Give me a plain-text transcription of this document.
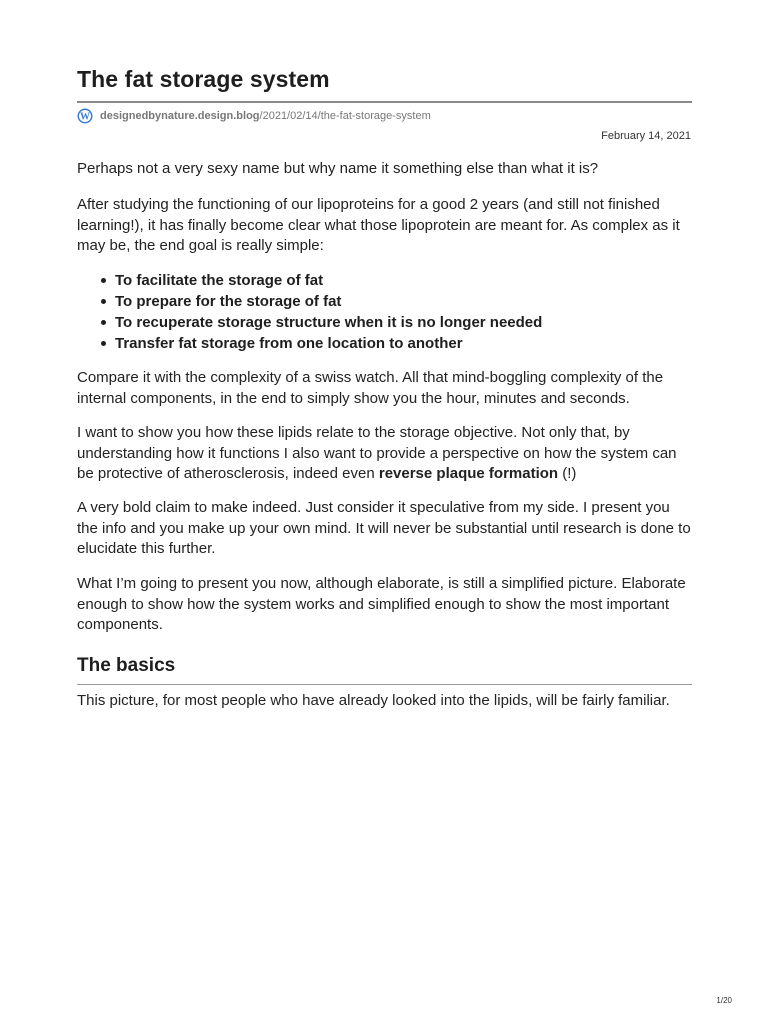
The fat storage system
W designedbynature.design.blog /2021/02/14/the-fat-storage-system
February 14, 2021

Perhaps not a very sexy name but why name it something else than what it is?

After studying the functioning of our lipoproteins for a good 2 years (and still not finished learning!), it has finally become clear what those lipoprotein are meant for. As complex as it may be, the end goal is really simple:

To facilitate the storage of fat
To prepare for the storage of fat
To recuperate storage structure when it is no longer needed
Transfer fat storage from one location to another

Compare it with the complexity of a swiss watch. All that mind-boggling complexity of the internal components, in the end to simply show you the hour, minutes and seconds.

I want to show you how these lipids relate to the storage objective. Not only that, by understanding how it functions I also want to provide a perspective on how the system can be protective of atherosclerosis, indeed even reverse plaque formation (!)

A very bold claim to make indeed. Just consider it speculative from my side. I present you the info and you make up your own mind. It will never be substantial until research is done to elucidate this further.

What I’m going to present you now, although elaborate, is still a simplified picture. Elaborate enough to show how the system works and simplified enough to show the most important components.

The basics

This picture, for most people who have already looked into the lipids, will be fairly familiar.

1/20
